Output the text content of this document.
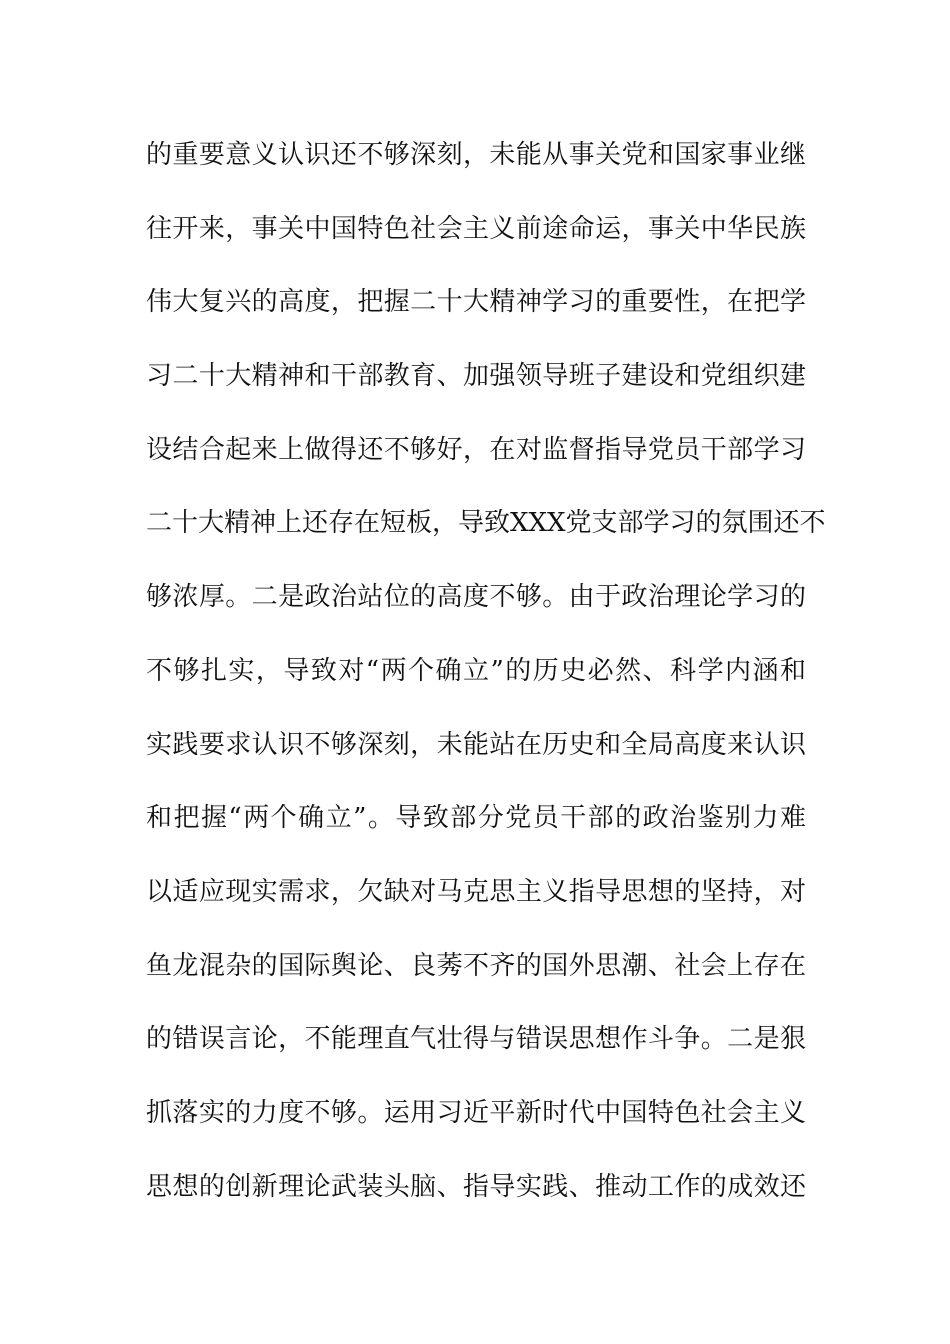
的重要意义认识还不够深刻，未能从事关党和国家事业继
往开来，事关中国特色社会主义前途命运，事关中华民族
伟大复兴的高度，把握二十大精神学习的重要性，在把学
习二十大精神和干部教育、加强领导班子建设和党组织建
设结合起来上做得还不够好，在对监督指导党员干部学习
二十大精神上还存在短板，导致XXX党支部学习的氛围还不
够浓厚。二是政治站位的高度不够。由于政治理论学习的
不够扎实，导致对“两个确立”的历史必然、科学内涵和
实践要求认识不够深刻，未能站在历史和全局高度来认识
和把握“两个确立”。导致部分党员干部的政治鉴别力难
以适应现实需求，欠缺对马克思主义指导思想的坚持，对
鱼龙混杂的国际舆论、良莠不齐的国外思潮、社会上存在
的错误言论，不能理直气壮得与错误思想作斗争。二是狠
抓落实的力度不够。运用习近平新时代中国特色社会主义
思想的创新理论武装头脑、指导实践、推动工作的成效还
